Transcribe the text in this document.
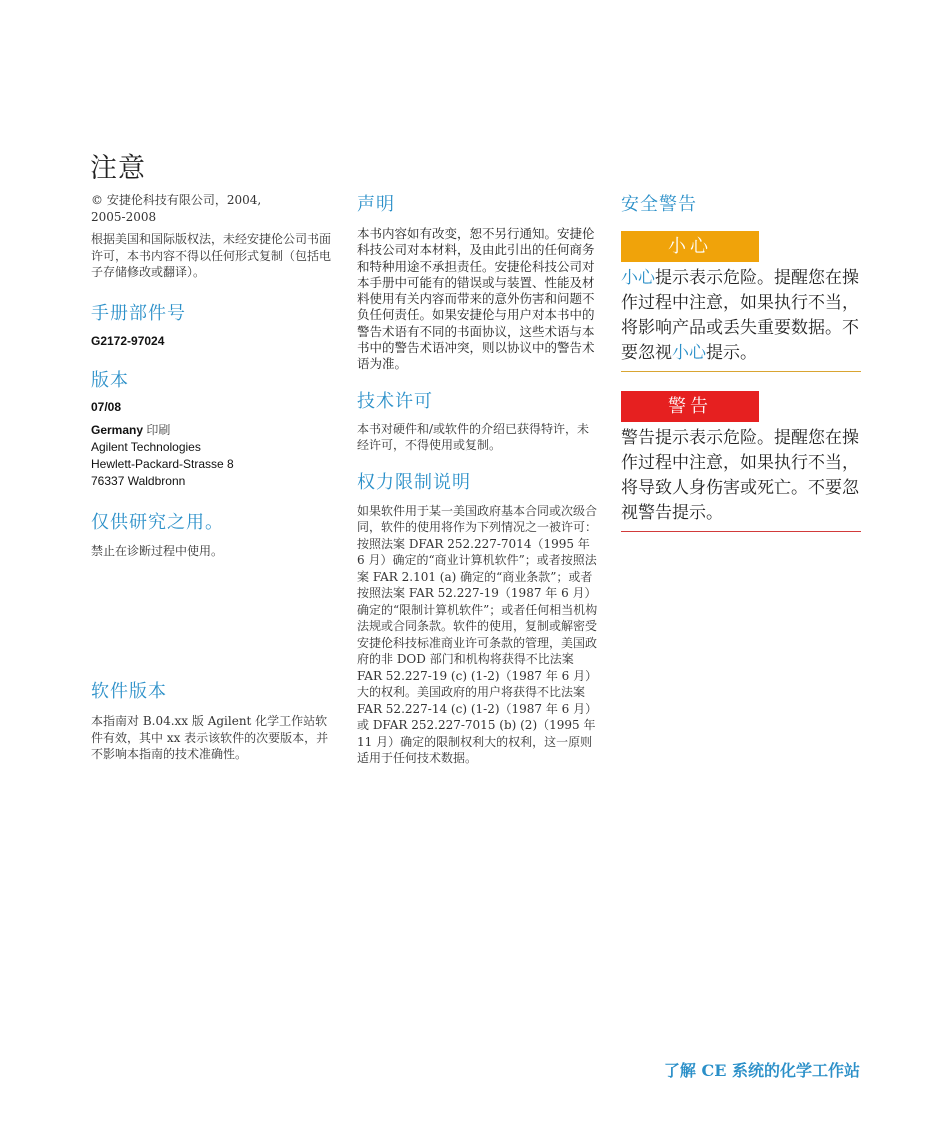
注意

© 安捷伦科技有限公司，2004,

2005-2008

根据美国和国际版权法，未经安捷伦公司书面许可，本书内容不得以任何形式复制（包括电子存储修改或翻译）。

手册部件号

G2172-97024

版本

07/08

Germany 印刷

Agilent Technologies

Hewlett-Packard-Strasse 8

76337 Waldbronn

仅供研究之用。

禁止在诊断过程中使用。

软件版本

本指南对 B.04.xx 版 Agilent 化学工作站软件有效，其中 xx 表示该软件的次要版本，并不影响本指南的技术准确性。

声明

本书内容如有改变，恕不另行通知。安捷伦科技公司对本材料，及由此引出的任何商务和特种用途不承担责任。安捷伦科技公司对本手册中可能有的错误或与装置、性能及材料使用有关内容而带来的意外伤害和问题不负任何责任。如果安捷伦与用户对本书中的警告术语有不同的书面协议，这些术语与本书中的警告术语冲突，则以协议中的警告术语为准。

技术许可

本书对硬件和/或软件的介绍已获得特许，未经许可，不得使用或复制。

权力限制说明

如果软件用于某一美国政府基本合同或次级合同，软件的使用将作为下列情况之一被许可：按照法案 DFAR 252.227-7014（1995 年 6 月）确定的“商业计算机软件”；或者按照法案 FAR 2.101 (a) 确定的“商业条款”；或者按照法案 FAR 52.227-19（1987 年 6 月）确定的“限制计算机软件”；或者任何相当机构法规或合同条款。软件的使用，复制或解密受安捷伦科技标准商业许可条款的管理，美国政府的非 DOD 部门和机构将获得不比法案 FAR 52.227-19 (c) (1-2)（1987 年 6 月）大的权利。美国政府的用户将获得不比法案 FAR 52.227-14 (c) (1-2)（1987 年 6 月）或 DFAR 252.227-7015 (b) (2)（1995 年 11 月）确定的限制权利大的权利，这一原则适用于任何技术数据。

安全警告
小心

小心提示表示危险。提醒您在操作过程中注意，如果执行不当，将影响产品或丢失重要数据。不要忽视小心提示。

警告

警告提示表示危险。提醒您在操作过程中注意，如果执行不当，将导致人身伤害或死亡。不要忽视警告提示。

了解 CE 系统的化学工作站
